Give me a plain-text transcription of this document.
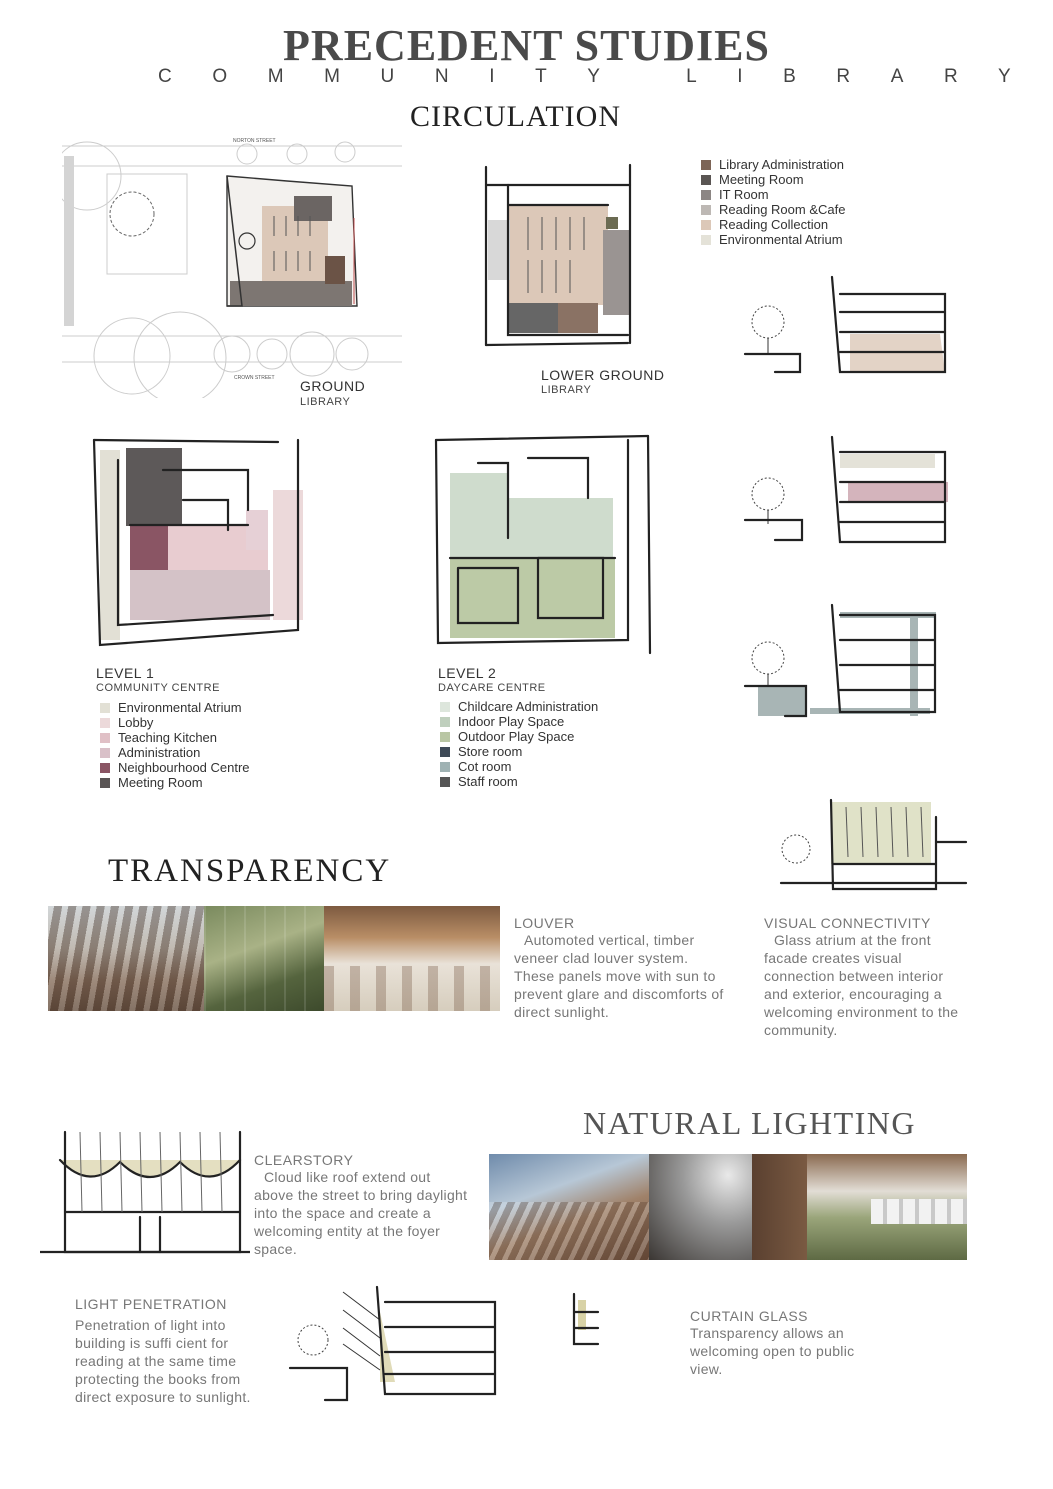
PRECEDENT STUDIES
COMMUNITY LIBRARY
CIRCULATION
NORTON STREET
CROWN STREET GROUND
LIBRARY
LOWER GROUND
LIBRARY
Library Administration
Meeting Room
IT Room
Reading Room &Cafe
Reading Collection
Environmental Atrium
LEVEL 1
COMMUNITY CENTRE
Environmental Atrium
Lobby
Teaching Kitchen
Administration
Neighbourhood Centre
Meeting Room
LEVEL 2
DAYCARE CENTRE
Childcare Administration
Indoor Play Space
Outdoor Play Space
Store room
Cot room
Staff room
TRANSPARENCY
LOUVER
Automoted vertical, timber veneer clad louver system. These panels move with sun to prevent glare and discomforts of direct sunlight.
VISUAL CONNECTIVITY
Glass atrium at the front facade creates visual connection between interior and exterior, encouraging a welcoming environment to the community.
NATURAL LIGHTING
CLEARSTORY
Cloud like roof extend out above the street to bring daylight into the space and create a welcoming entity at the foyer space.
LIGHT PENETRATION
Penetration of light into building is suffi cient for reading at the same time protecting the books from direct exposure to sunlight.
CURTAIN GLASS
Transparency allows an welcoming open to public view.
